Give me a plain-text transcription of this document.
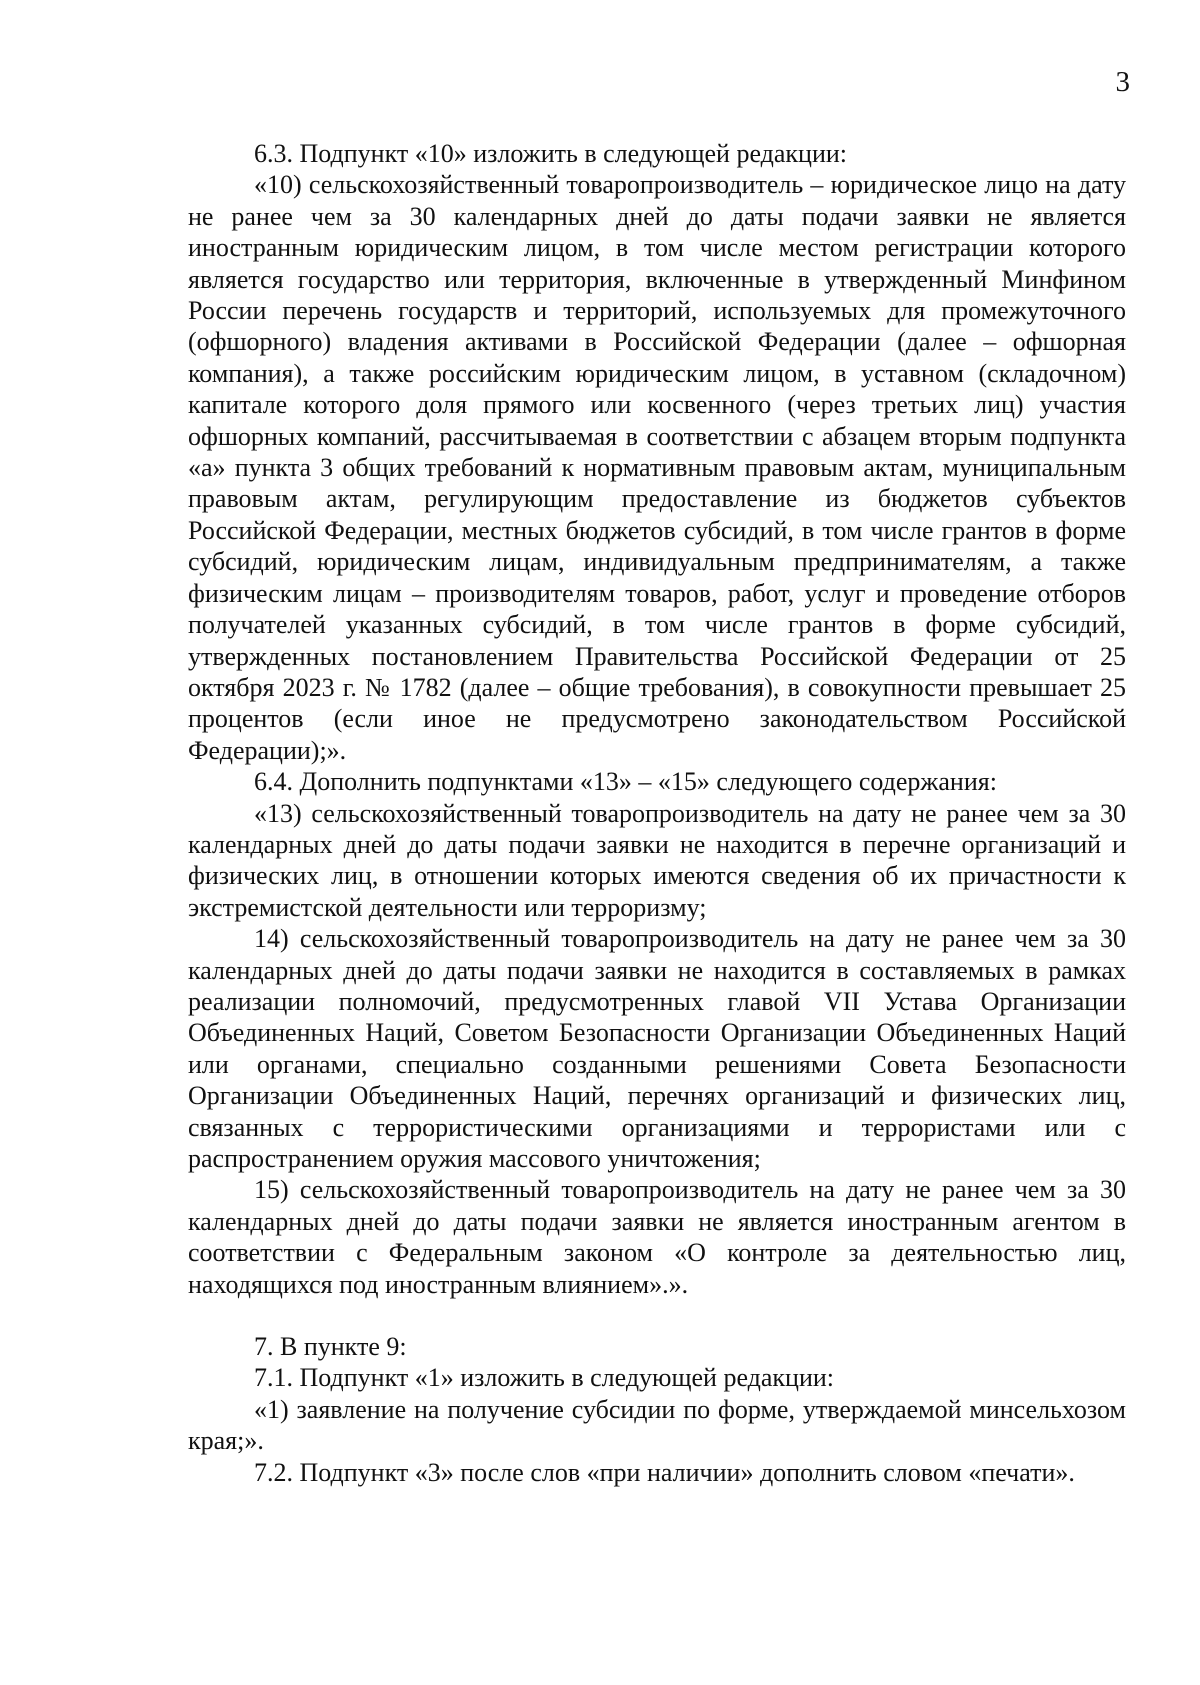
3

6.3. Подпункт «10» изложить в следующей редакции:

«10) сельскохозяйственный товаропроизводитель – юридическое лицо на дату не ранее чем за 30 календарных дней до даты подачи заявки не является иностранным юридическим лицом, в том числе местом регистрации которого является государство или территория, включенные в утвержденный Минфином России перечень государств и территорий, используемых для промежуточного (офшорного) владения активами в Российской Федерации (далее – офшорная компания), а также российским юридическим лицом, в уставном (складочном) капитале которого доля прямого или косвенного (через третьих лиц) участия офшорных компаний, рассчитываемая в соответствии с абзацем вторым подпункта «а» пункта 3 общих требований к нормативным правовым актам, муниципальным правовым актам, регулирующим предоставление из бюджетов субъектов Российской Федерации, местных бюджетов субсидий, в том числе грантов в форме субсидий, юридическим лицам, индивидуальным предпринимателям, а также физическим лицам – производителям товаров, работ, услуг и проведение отборов получателей указанных субсидий, в том числе грантов в форме субсидий, утвержденных постановлением Правительства Российской Федерации от 25 октября 2023 г. № 1782 (далее – общие требования), в совокупности превышает 25 процентов (если иное не предусмотрено законодательством Российской Федерации);».

6.4. Дополнить подпунктами «13» – «15» следующего содержания:

«13) сельскохозяйственный товаропроизводитель на дату не ранее чем за 30 календарных дней до даты подачи заявки не находится в перечне организаций и физических лиц, в отношении которых имеются сведения об их причастности к экстремистской деятельности или терроризму;

14) сельскохозяйственный товаропроизводитель на дату не ранее чем за 30 календарных дней до даты подачи заявки не находится в составляемых в рамках реализации полномочий, предусмотренных главой VII Устава Организации Объединенных Наций, Советом Безопасности Организации Объединенных Наций или органами, специально созданными решениями Совета Безопасности Организации Объединенных Наций, перечнях организаций и физических лиц, связанных с террористическими организациями и террористами или с распространением оружия массового уничтожения;

15) сельскохозяйственный товаропроизводитель на дату не ранее чем за 30 календарных дней до даты подачи заявки не является иностранным агентом в соответствии с Федеральным законом «О контроле за деятельностью лиц, находящихся под иностранным влиянием».».

7. В пункте 9:

7.1. Подпункт «1» изложить в следующей редакции:

«1) заявление на получение субсидии по форме, утверждаемой минсельхозом края;».

7.2. Подпункт «3» после слов «при наличии» дополнить словом «печати».
